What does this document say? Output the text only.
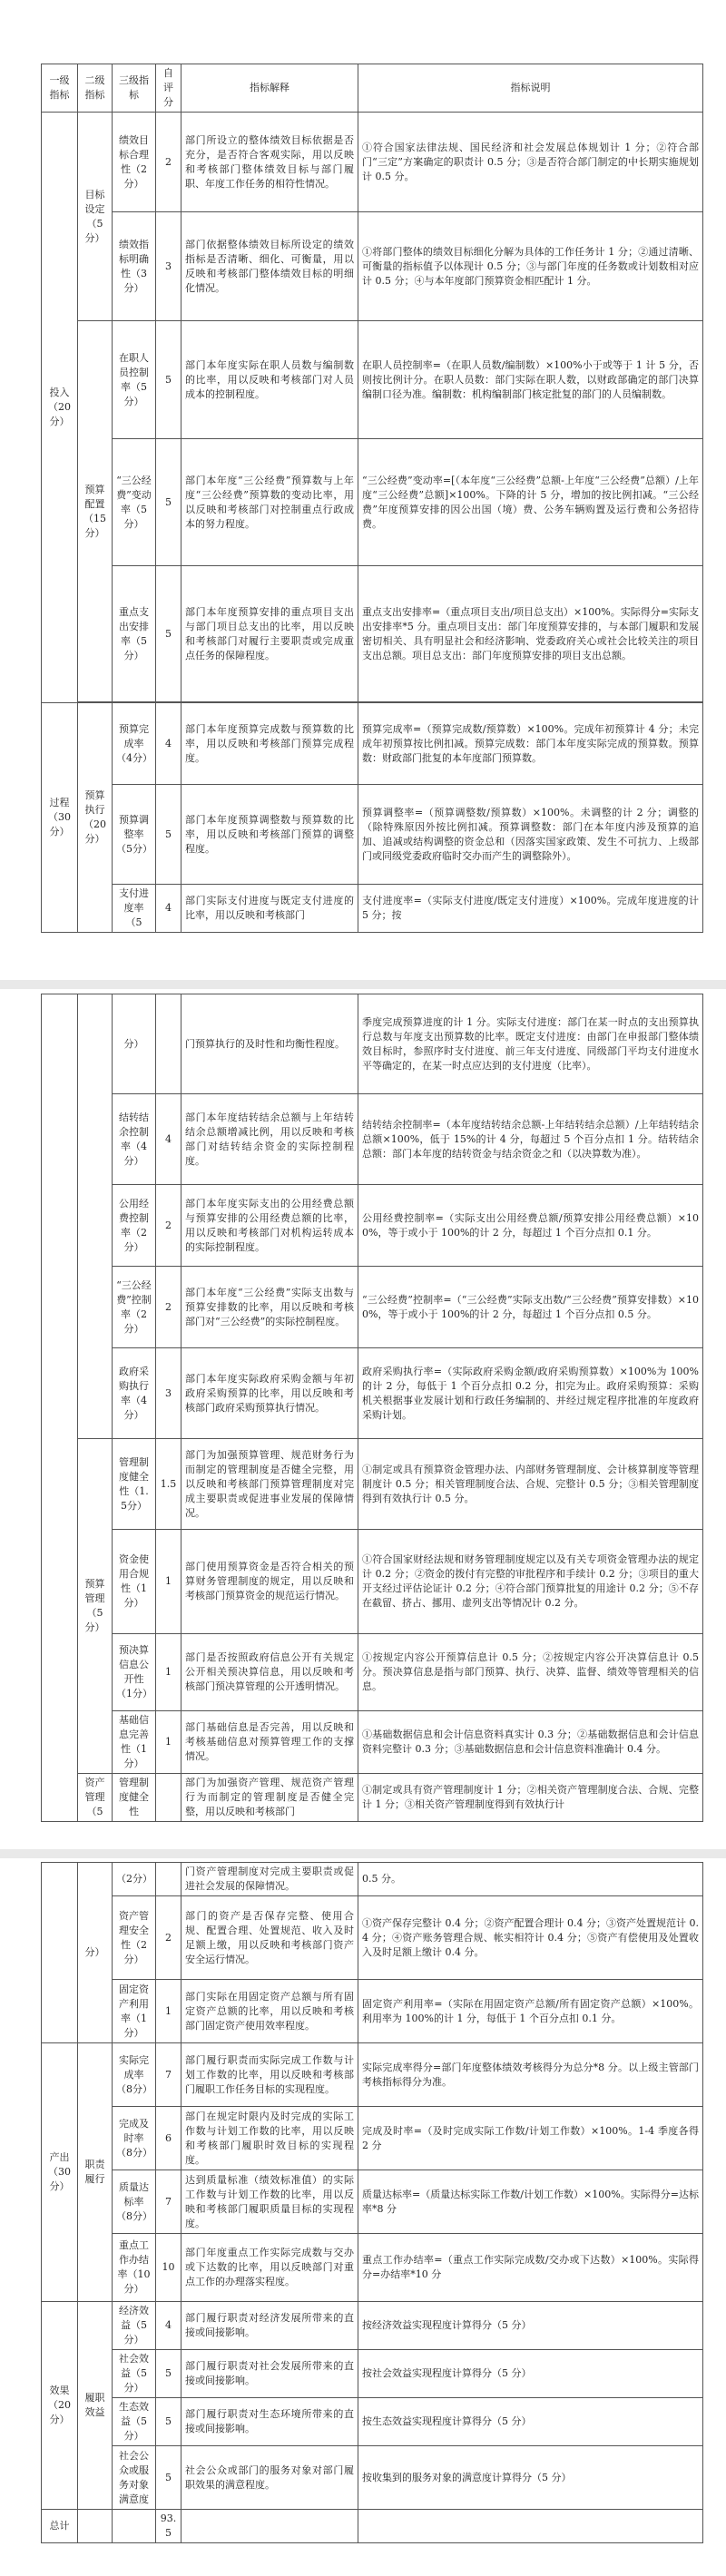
一级指标	二级指标	三级指标	自评分	指标解释	指标说明
投入（20分）	目标设定（5分）	绩效目标合理性（2分）	2	部门所设立的整体绩效目标依据是否充分，是否符合客观实际，用以反映和考核部门整体绩效目标与部门履职、年度工作任务的相符性情况。	①符合国家法律法规、国民经济和社会发展总体规划计 1 分；②符合部门“三定”方案确定的职责计 0.5 分；③是否符合部门制定的中长期实施规划计 0.5 分。
		绩效指标明确性（3分）	3	部门依据整体绩效目标所设定的绩效指标是否清晰、细化、可衡量，用以反映和考核部门整体绩效目标的明细化情况。	①将部门整体的绩效目标细化分解为具体的工作任务计 1 分；②通过清晰、可衡量的指标值予以体现计 0.5 分；③与部门年度的任务数或计划数相对应计 0.5 分；④与本年度部门预算资金相匹配计 1 分。
	预算配置（15分）	在职人员控制率（5分）	5	部门本年度实际在职人员数与编制数的比率，用以反映和考核部门对人员成本的控制程度。	在职人员控制率=（在职人员数/编制数）×100%小于或等于 1 计 5 分，否则按比例计分。在职人员数：部门实际在职人数，以财政部确定的部门决算编制口径为准。编制数：机构编制部门核定批复的部门的人员编制数。
		“三公经费”变动率（5分）	5	部门本年度“三公经费”预算数与上年度“三公经费”预算数的变动比率，用以反映和考核部门对控制重点行政成本的努力程度。	“三公经费”变动率=[（本年度“三公经费”总额-上年度“三公经费”总额）/上年度“三公经费”总额]×100%。下降的计 5 分，增加的按比例扣减。“三公经费”年度预算安排的因公出国（境）费、公务车辆购置及运行费和公务招待费。
		重点支出安排率（5分）	5	部门本年度预算安排的重点项目支出与部门项目总支出的比率，用以反映和考核部门对履行主要职责或完成重点任务的保障程度。	重点支出安排率=（重点项目支出/项目总支出）×100%。实际得分=实际支出安排率*5 分。重点项目支出：部门年度预算安排的，与本部门履职和发展密切相关、具有明显社会和经济影响、党委政府关心或社会比较关注的项目支出总额。项目总支出：部门年度预算安排的项目支出总额。

过程（30分）	预算执行（20分）	预算完成率（4分）	4	部门本年度预算完成数与预算数的比率，用以反映和考核部门预算完成程度。	预算完成率=（预算完成数/预算数）×100%。完成年初预算计 4 分；未完成年初预算按比例扣减。预算完成数：部门本年度实际完成的预算数。预算数：财政部门批复的本年度部门预算数。
		预算调整率（5分）	5	部门本年度预算调整数与预算数的比率，用以反映和考核部门预算的调整程度。	预算调整率=（预算调整数/预算数）×100%。未调整的计 2 分；调整的（除特殊原因外按比例扣减。预算调整数：部门在本年度内涉及预算的追加、追减或结构调整的资金总和（因落实国家政策、发生不可抗力、上级部门或同级党委政府临时交办而产生的调整除外）。
		支付进度率（5	4	部门实际支付进度与既定支付进度的比率，用以反映和考核部门	支付进度率=（实际支付进度/既定支付进度）×100%。完成年度进度的计 5 分；按
		分）		门预算执行的及时性和均衡性程度。	季度完成预算进度的计 1 分。实际支付进度：部门在某一时点的支出预算执行总数与年度支出预算数的比率。既定支付进度：由部门在申报部门整体绩效目标时，参照序时支付进度、前三年支付进度、同级部门平均支付进度水平等确定的，在某一时点应达到的支付进度（比率）。
		结转结余控制率（4分）	4	部门本年度结转结余总额与上年结转结余总额增减比例，用以反映和考核部门对结转结余资金的实际控制程度。	结转结余控制率=（本年度结转结余总额-上年结转结余总额）/上年结转结余总额×100%，低于 15%的计 4 分，每超过 5 个百分点扣 1 分。结转结余总额：部门本年度的结转资金与结余资金之和（以决算数为准）。
		公用经费控制率（2分）	2	部门本年度实际支出的公用经费总额与预算安排的公用经费总额的比率，用以反映和考核部门对机构运转成本的实际控制程度。	公用经费控制率=（实际支出公用经费总额/预算安排公用经费总额）×100%，等于或小于 100%的计 2 分，每超过 1 个百分点扣 0.1 分。
		“三公经费”控制率（2分）	2	部门本年度“三公经费”实际支出数与预算安排数的比率，用以反映和考核部门对“三公经费”的实际控制程度。	“三公经费”控制率=（“三公经费”实际支出数/“三公经费”预算安排数）×100%，等于或小于 100%的计 2 分，每超过 1 个百分点扣 0.5 分。
		政府采购执行率（4分）	3	部门本年度实际政府采购金额与年初政府采购预算的比率，用以反映和考核部门政府采购预算执行情况。	政府采购执行率=（实际政府采购金额/政府采购预算数）×100%为 100%的计 2 分，每低于 1 个百分点扣 0.2 分，扣完为止。政府采购预算：采购机关根据事业发展计划和行政任务编制的、并经过规定程序批准的年度政府采购计划。
	预算管理（5分）	管理制度健全性（1.5分）	1.5	部门为加强预算管理、规范财务行为而制定的管理制度是否健全完整，用以反映和考核部门预算管理制度对完成主要职责或促进事业发展的保障情况。	①制定或具有预算资金管理办法、内部财务管理制度、会计核算制度等管理制度计 0.5 分；相关管理制度合法、合规、完整计 0.5 分；③相关管理制度得到有效执行计 0.5 分。
		资金使用合规性（1分）	1	部门使用预算资金是否符合相关的预算财务管理制度的规定，用以反映和考核部门预算资金的规范运行情况。	①符合国家财经法规和财务管理制度规定以及有关专项资金管理办法的规定计 0.2 分；②资金的拨付有完整的审批程序和手续计 0.2 分；③项目的重大开支经过评估论证计 0.2 分；④符合部门预算批复的用途计 0.2 分；⑤不存在截留、挤占、挪用、虚列支出等情况计 0.2 分。
		预决算信息公开性（1分）	1	部门是否按照政府信息公开有关规定公开相关预决算信息，用以反映和考核部门预决算管理的公开透明情况。	①按规定内容公开预算信息计 0.5 分；②按规定内容公开决算信息计 0.5 分。预决算信息是指与部门预算、执行、决算、监督、绩效等管理相关的信息。
		基础信息完善性（1分）	1	部门基础信息是否完善，用以反映和考核基础信息对预算管理工作的支撑情况。	①基础数据信息和会计信息资料真实计 0.3 分；②基础数据信息和会计信息资料完整计 0.3 分；③基础数据信息和会计信息资料准确计 0.4 分。
	资产管理（5	管理制度健全性		部门为加强资产管理、规范资产管理行为而制定的管理制度是否健全完整，用以反映和考核部门	①制定或具有资产管理制度计 1 分；②相关资产管理制度合法、合规、完整计 1 分；③相关资产管理制度得到有效执行计
	分）	（2分）		门资产管理制度对完成主要职责或促进社会发展的保障情况。	0.5 分。
		资产管理安全性（2分）	2	部门的资产是否保存完整、使用合规、配置合理、处置规范、收入及时足额上缴，用以反映和考核部门资产安全运行情况。	①资产保存完整计 0.4 分；②资产配置合理计 0.4 分；③资产处置规范计 0.4 分；④资产账务管理合规、帐实相符计 0.4 分；⑤资产有偿使用及处置收入及时足额上缴计 0.4 分。
		固定资产利用率（1分）	1	部门实际在用固定资产总额与所有固定资产总额的比率，用以反映和考核部门固定资产使用效率程度。	固定资产利用率=（实际在用固定资产总额/所有固定资产总额）×100%。利用率为 100%的计 1 分，每低于 1 个百分点扣 0.1 分。
产出（30分）	职责履行	实际完成率（8分）	7	部门履行职责而实际完成工作数与计划工作数的比率，用以反映和考核部门履职工作任务目标的实现程度。	实际完成率得分=部门年度整体绩效考核得分为总分*8 分。以上级主管部门考核指标得分为准。
		完成及时率（8分）	6	部门在规定时限内及时完成的实际工作数与计划工作数的比率，用以反映和考核部门履职时效目标的实现程度。	完成及时率=（及时完成实际工作数/计划工作数）×100%。1-4 季度各得 2 分
		质量达标率（8分）	7	达到质量标准（绩效标准值）的实际工作数与计划工作数的比率，用以反映和考核部门履职质量目标的实现程度。	质量达标率=（质量达标实际工作数/计划工作数）×100%。实际得分=达标率*8 分
		重点工作办结率（10分）	10	部门年度重点工作实际完成数与交办或下达数的比率，用以反映部门对重点工作的办理落实程度。	重点工作办结率=（重点工作实际完成数/交办或下达数）×100%。实际得分=办结率*10 分
效果（20分）	履职效益	经济效益（5分）	4	部门履行职责对经济发展所带来的直接或间接影响。	按经济效益实现程度计算得分（5 分）
		社会效益（5分）	5	部门履行职责对社会发展所带来的直接或间接影响。	按社会效益实现程度计算得分（5 分）
		生态效益（5分）	5	部门履行职责对生态环境所带来的直接或间接影响。	按生态效益实现程度计算得分（5 分）
		社会公众或服务对象满意度	5	社会公众或部门的服务对象对部门履职效果的满意程度。	按收集到的服务对象的满意度计算得分（5 分）
总计			93.5		
